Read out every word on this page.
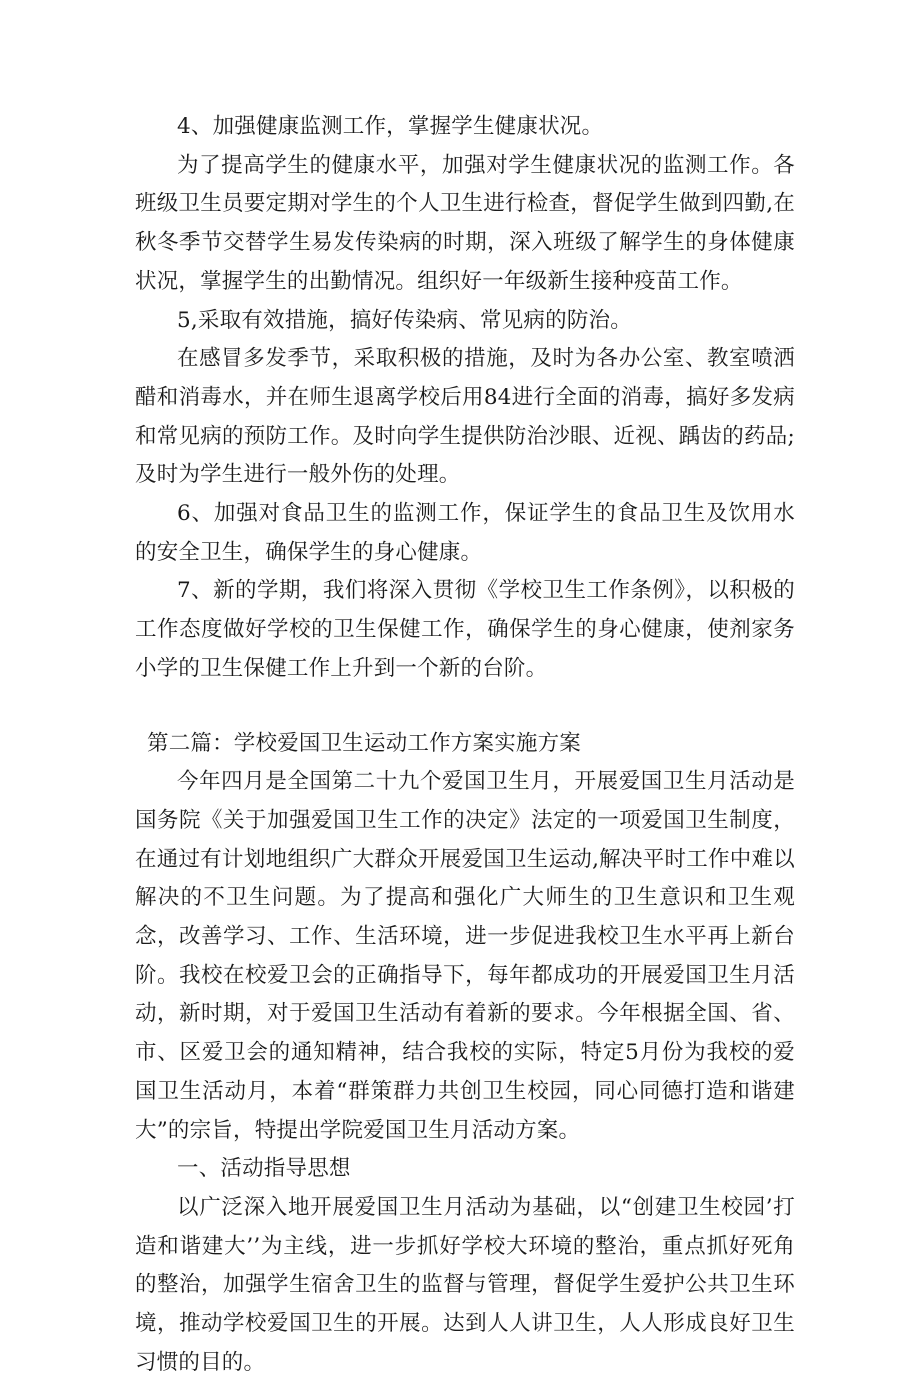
4、加强健康监测工作，掌握学生健康状况。

为了提高学生的健康水平，加强对学生健康状况的监测工作。各班级卫生员要定期对学生的个人卫生进行检查，督促学生做到四勤,在秋冬季节交替学生易发传染病的时期，深入班级了解学生的身体健康状况，掌握学生的出勤情况。组织好一年级新生接种疫苗工作。

5,采取有效措施，搞好传染病、常见病的防治。

在感冒多发季节，采取积极的措施，及时为各办公室、教室喷洒醋和消毒水，并在师生退离学校后用84进行全面的消毒，搞好多发病和常见病的预防工作。及时向学生提供防治沙眼、近视、踽齿的药品;及时为学生进行一般外伤的处理。

6、加强对食品卫生的监测工作，保证学生的食品卫生及饮用水的安全卫生，确保学生的身心健康。

7、新的学期，我们将深入贯彻《学校卫生工作条例》，以积极的工作态度做好学校的卫生保健工作，确保学生的身心健康，使剂家务小学的卫生保健工作上升到一个新的台阶。

第二篇：学校爱国卫生运动工作方案实施方案

今年四月是全国第二十九个爱国卫生月，开展爱国卫生月活动是国务院《关于加强爱国卫生工作的决定》法定的一项爱国卫生制度，在通过有计划地组织广大群众开展爱国卫生运动,解决平时工作中难以解决的不卫生问题。为了提高和强化广大师生的卫生意识和卫生观念，改善学习、工作、生活环境，进一步促进我校卫生水平再上新台阶。我校在校爱卫会的正确指导下，每年都成功的开展爱国卫生月活动，新时期，对于爱国卫生活动有着新的要求。今年根据全国、省、市、区爱卫会的通知精神，结合我校的实际，特定5月份为我校的爱国卫生活动月，本着“群策群力共创卫生校园，同心同德打造和谐建大”的宗旨，特提出学院爱国卫生月活动方案。

一、活动指导思想

以广泛深入地开展爱国卫生月活动为基础，以“创建卫生校园’打造和谐建大’’为主线，进一步抓好学校大环境的整治，重点抓好死角的整治，加强学生宿舍卫生的监督与管理，督促学生爱护公共卫生环境，推动学校爱国卫生的开展。达到人人讲卫生，人人形成良好卫生习惯的目的。
